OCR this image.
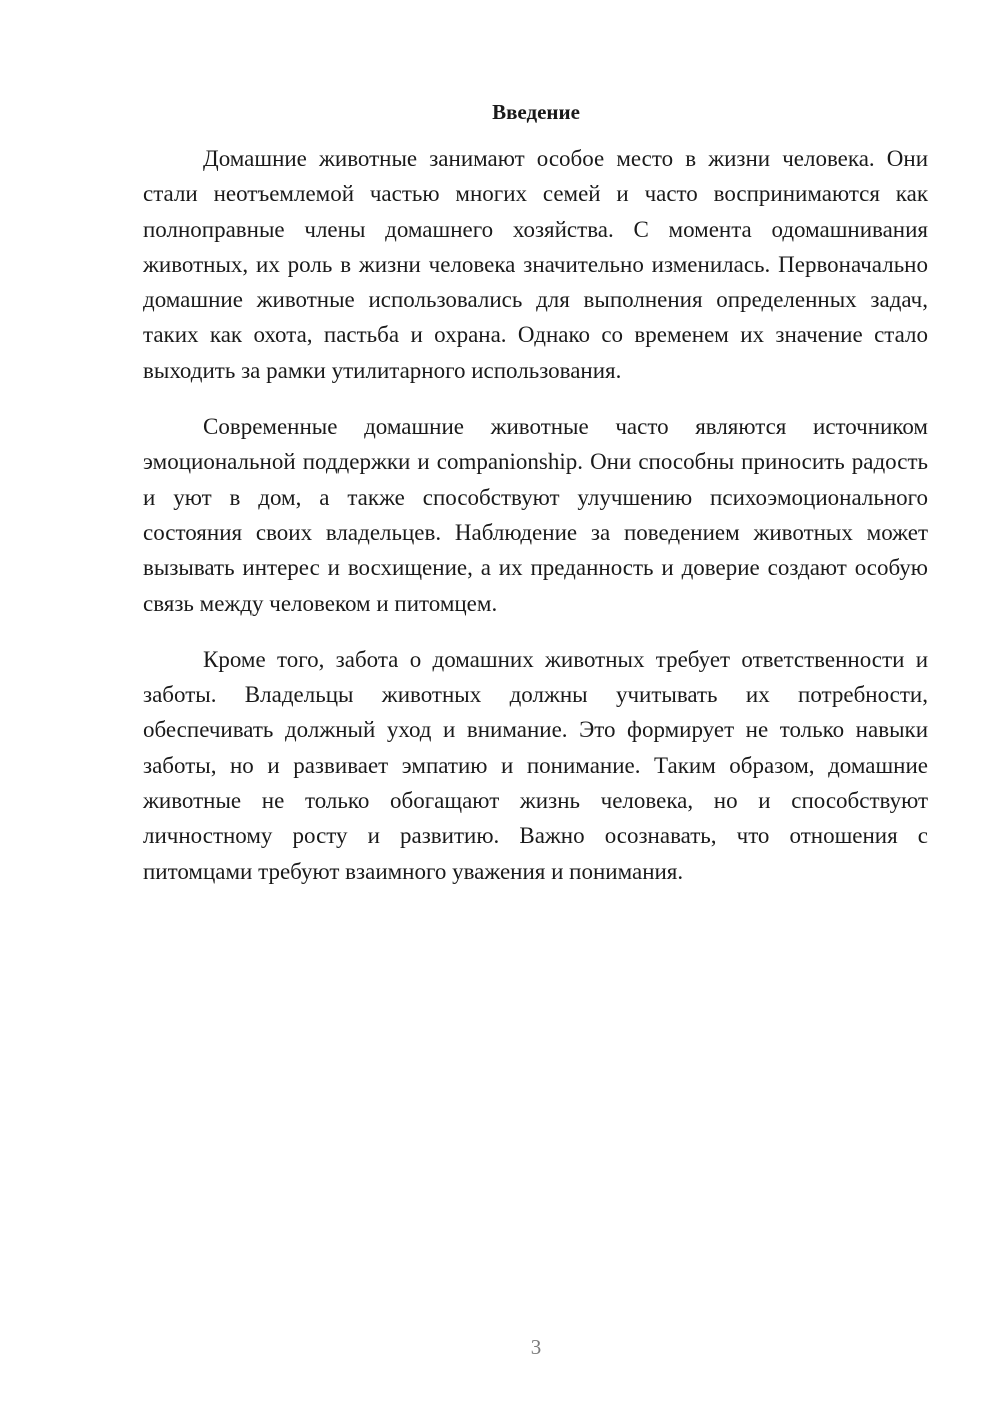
Введение

Домашние животные занимают особое место в жизни человека. Они стали неотъемлемой частью многих семей и часто воспринимаются как полноправные члены домашнего хозяйства. С момента одомашнивания животных, их роль в жизни человека значительно изменилась. Первоначально домашние животные использовались для выполнения определенных задач, таких как охота, пастьба и охрана. Однако со временем их значение стало выходить за рамки утилитарного использования.

Современные домашние животные часто являются источником эмоциональной поддержки и companionship. Они способны приносить радость и уют в дом, а также способствуют улучшению психоэмоционального состояния своих владельцев. Наблюдение за поведением животных может вызывать интерес и восхищение, а их преданность и доверие создают особую связь между человеком и питомцем.

Кроме того, забота о домашних животных требует ответственности и заботы. Владельцы животных должны учитывать их потребности, обеспечивать должный уход и внимание. Это формирует не только навыки заботы, но и развивает эмпатию и понимание. Таким образом, домашние животные не только обогащают жизнь человека, но и способствуют личностному росту и развитию. Важно осознавать, что отношения с питомцами требуют взаимного уважения и понимания.

3
